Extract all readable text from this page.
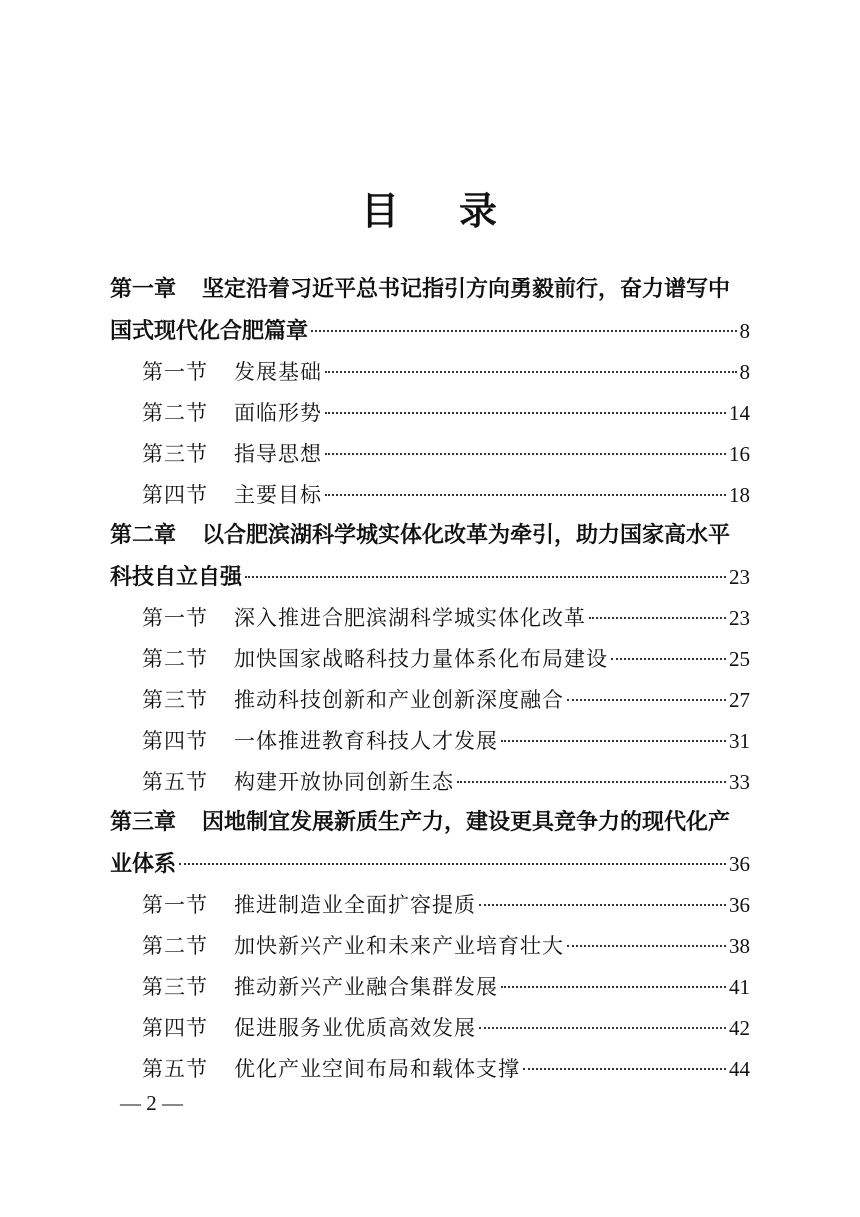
目 录
第一章 坚定沿着习近平总书记指引方向勇毅前行，奋力谱写中
国式现代化合肥篇章	8
第一节	发展基础	8
第二节	面临形势	14
第三节	指导思想	16
第四节	主要目标	18
第二章 以合肥滨湖科学城实体化改革为牵引，助力国家高水平
科技自立自强	23
第一节	深入推进合肥滨湖科学城实体化改革	23
第二节	加快国家战略科技力量体系化布局建设	25
第三节	推动科技创新和产业创新深度融合	27
第四节	一体推进教育科技人才发展	31
第五节	构建开放协同创新生态	33
第三章 因地制宜发展新质生产力，建设更具竞争力的现代化产
业体系	36
第一节	推进制造业全面扩容提质	36
第二节	加快新兴产业和未来产业培育壮大	38
第三节	推动新兴产业融合集群发展	41
第四节	促进服务业优质高效发展	42
第五节	优化产业空间布局和载体支撑	44
— 2 —
